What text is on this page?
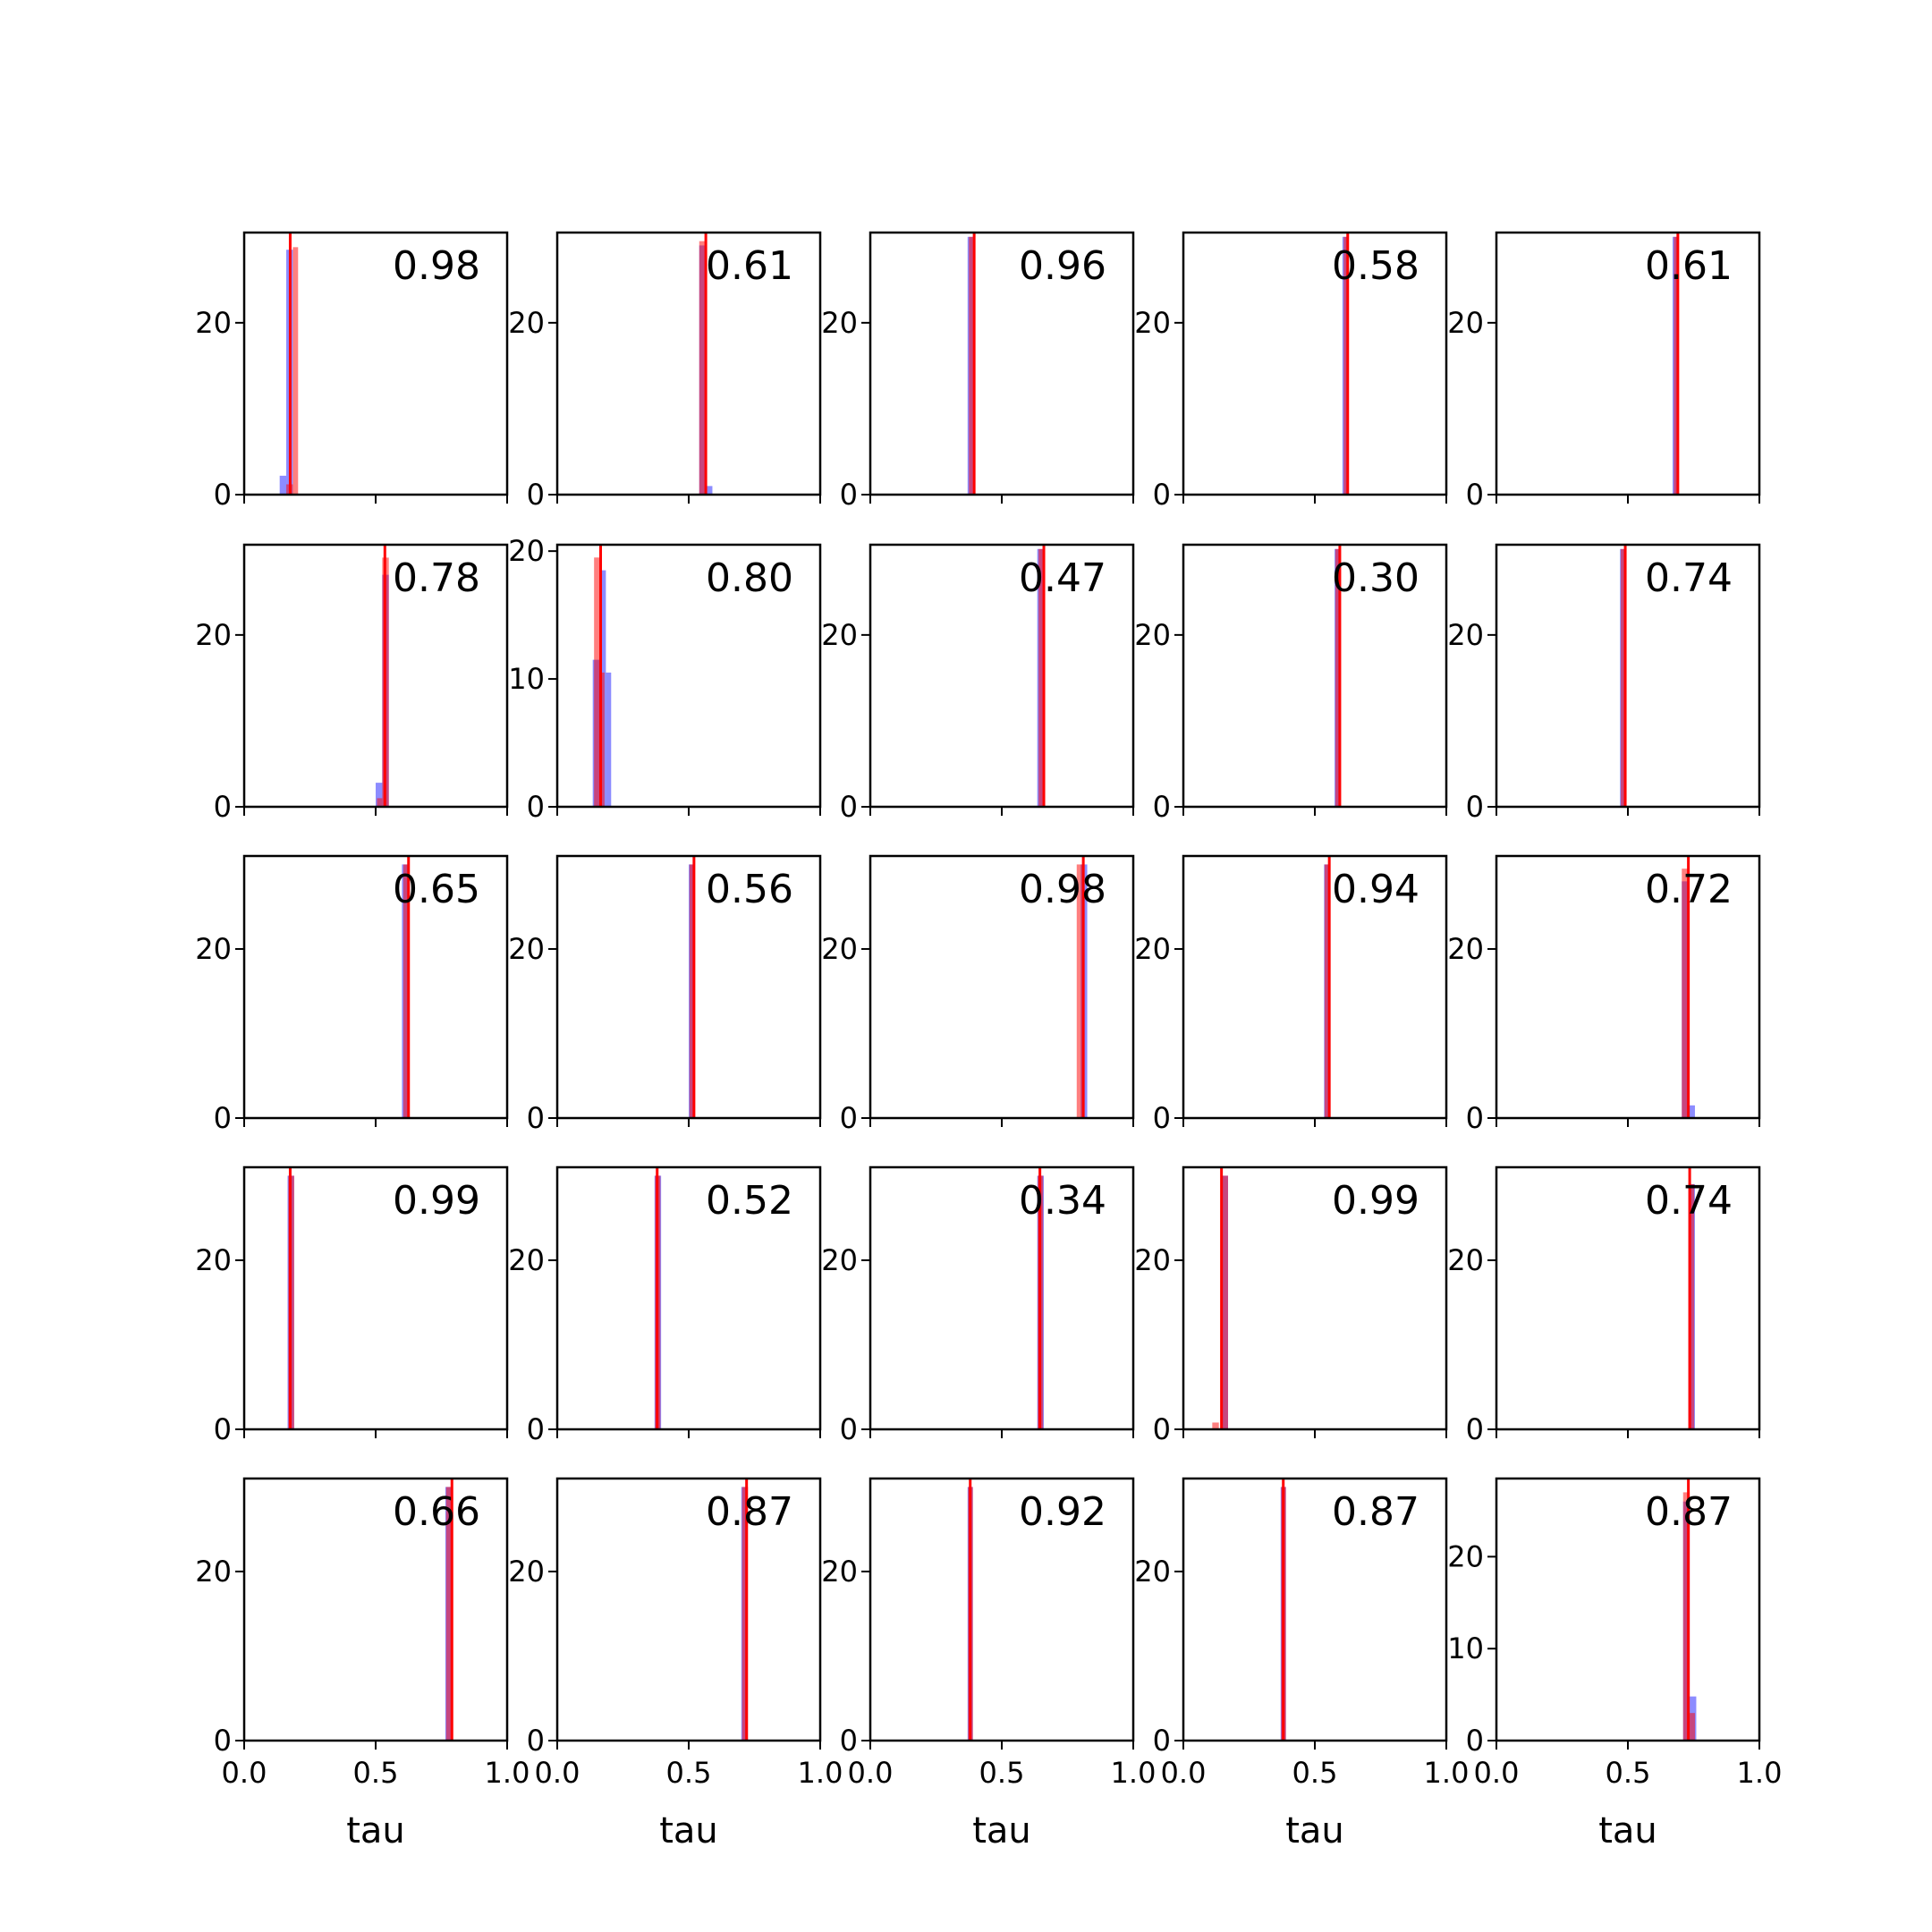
0
20
0.98
0
20
0.61
0
20
0.96
0
20
0.58
0
20
0.61
0
20
0.78
0
10
20
0.80
0
20
0.47
0
20
0.30
0
20
0.74
0
20
0.65
0
20
0.56
0
20
0.98
0
20
0.94
0
20
0.72
0
20
0.99
0
20
0.52
0
20
0.34
0
20
0.99
0
20
0.74
0
20
0.0	0.5	1.0
tau
0.66
0
20
0.0	0.5	1.0
tau
0.87
0
20
0.0	0.5	1.0
tau
0.92
0
20
0.0	0.5	1.0
tau
0.87
0
10
20
0.0	0.5	1.0
tau
0.87
